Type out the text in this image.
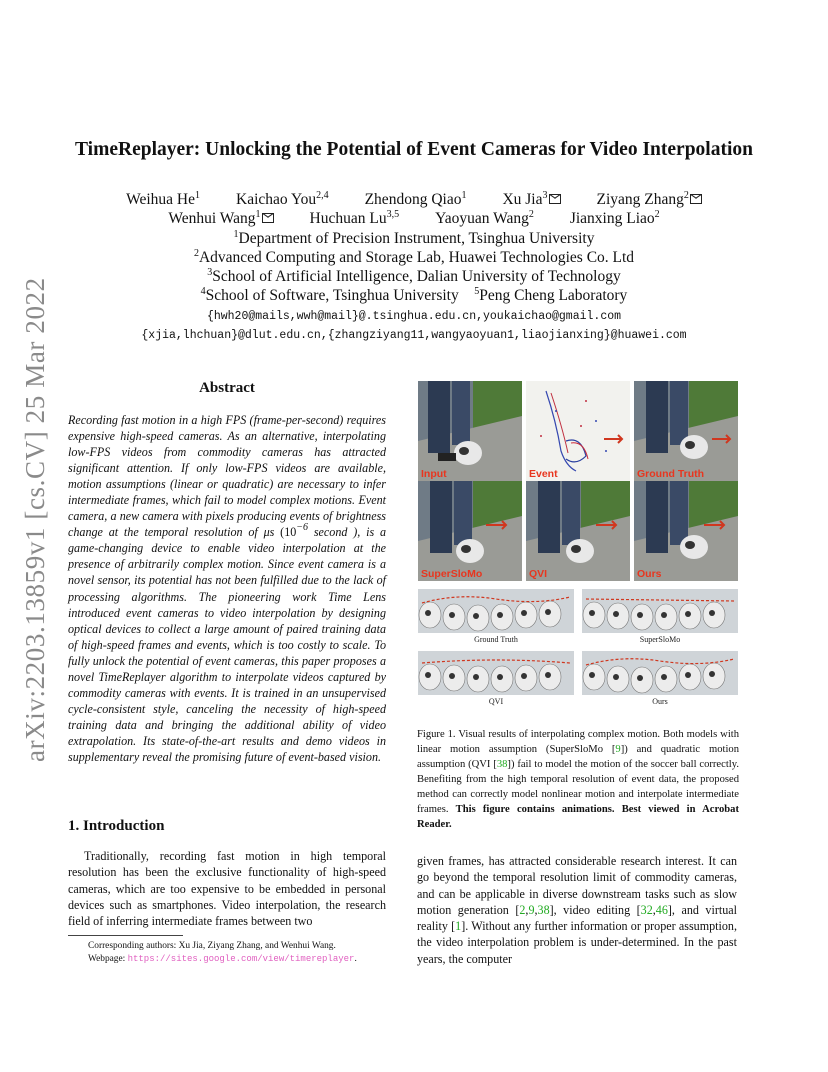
arXiv:2203.13859v1 [cs.CV] 25 Mar 2022
TimeReplayer: Unlocking the Potential of Event Cameras for Video Interpolation
Weihua He$^1$ Kaichao You$^{2,4}$ Zhendong Qiao$^1$ Xu Jia$^3$	Ziyang Zhang$^2$
Wenhui Wang$^1$	Huchuan Lu$^{3,5}$ Yaoyuan Wang$^2$ Jianxing Liao$^2$
$^1$Department of Precision Instrument, Tsinghua University
$^2$Advanced Computing and Storage Lab, Huawei Technologies Co. Ltd
$^3$School of Artificial Intelligence, Dalian University of Technology
$^4$School of Software, Tsinghua University $^5$Peng Cheng Laboratory
{hwh20@mails,wwh@mail}@.tsinghua.edu.cn,youkaichao@gmail.com
{xjia,lhchuan}@dlut.edu.cn,{zhangziyang11,wangyaoyuan1,liaojianxing}@huawei.com
Abstract
Recording fast motion in a high FPS (frame-per-second) requires expensive high-speed cameras. As an alternative, interpolating low-FPS videos from commodity cameras has attracted significant attention. If only low-FPS videos are available, motion assumptions (linear or quadratic) are necessary to infer intermediate frames, which fail to model complex motions. Event camera, a new camera with pixels producing events of brightness change at the temporal resolution of μs ($10^{-6}$ second ), is a game-changing device to enable video interpolation at the presence of arbitrarily complex motion. Since event camera is a novel sensor, its potential has not been fulfilled due to the lack of processing algorithms. The pioneering work Time Lens introduced event cameras to video interpolation by designing optical devices to collect a large amount of paired training data of high-speed frames and events, which is too costly to scale. To fully unlock the potential of event cameras, this paper proposes a novel TimeReplayer algorithm to interpolate videos captured by commodity cameras with events. It is trained in an unsupervised cycle-consistent style, canceling the necessity of high-speed training data and bringing the additional ability of video extrapolation. Its state-of-the-art results and demo videos in supplementary reveal the promising future of event-based vision.
1. Introduction
Traditionally, recording fast motion in high temporal resolution has been the exclusive functionality of high-speed cameras, which are too expensive to be embedded in personal devices such as smartphones. Video interpolation, the research field of inferring intermediate frames between two
Corresponding authors: Xu Jia, Ziyang Zhang, and Wenhui Wang.
Webpage: https://sites.google.com/view/timereplayer.
Input	Event	Ground Truth
SuperSloMo	QVI	Ours
Ground Truth	SuperSloMo
QVI	Ours
Figure 1. Visual results of interpolating complex motion. Both models with linear motion assumption (SuperSloMo [9]) and quadratic motion assumption (QVI [38]) fail to model the motion of the soccer ball correctly. Benefiting from the high temporal resolution of event data, the proposed method can correctly model nonlinear motion and interpolate intermediate frames. This figure contains animations. Best viewed in Acrobat Reader.
given frames, has attracted considerable research interest. It can go beyond the temporal resolution limit of commodity cameras, and can be applicable in diverse downstream tasks such as slow motion generation [2,9,38], video editing [32,46], and virtual reality [1]. Without any further information or proper assumption, the video interpolation problem is under-determined. In the past years, the computer
